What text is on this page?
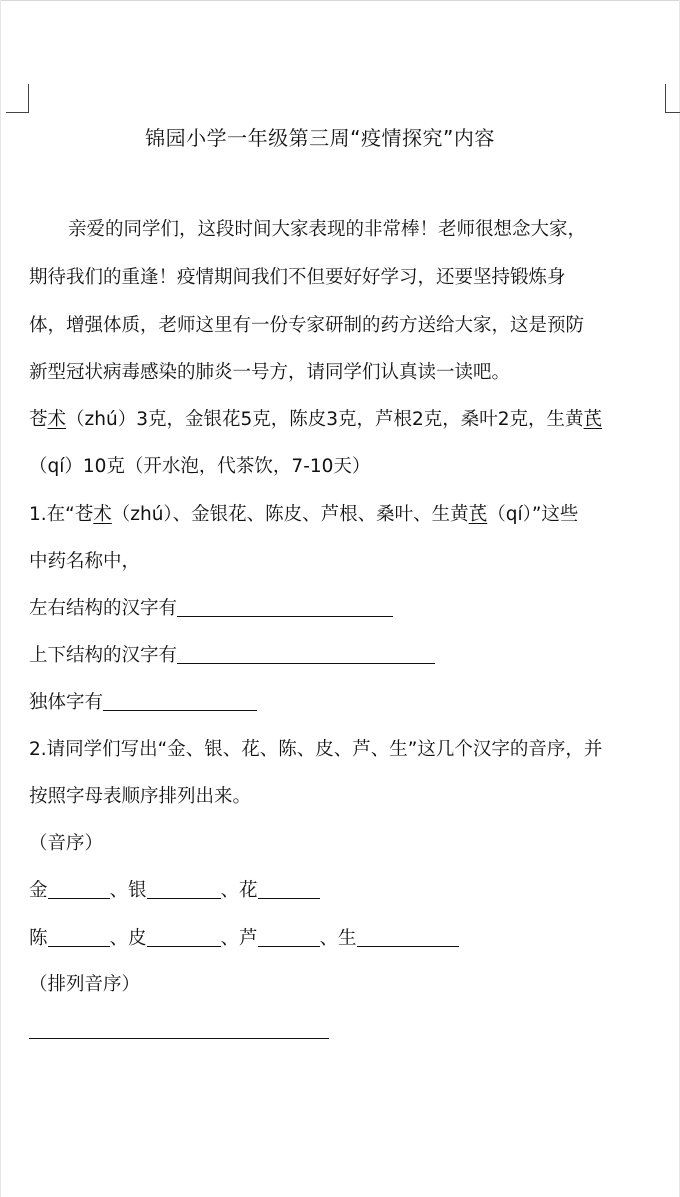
锦园小学一年级第三周“疫情探究”内容
亲爱的同学们，这段时间大家表现的非常棒！老师很想念大家，
期待我们的重逢！疫情期间我们不但要好好学习，还要坚持锻炼身
体，增强体质，老师这里有一份专家研制的药方送给大家，这是预防
新型冠状病毒感染的肺炎一号方，请同学们认真读一读吧。
苍术（zhú）3克，金银花5克，陈皮3克，芦根2克，桑叶2克，生黄芪
（qí）10克（开水泡，代茶饮，7-10天）
1.在“苍术（zhú）、金银花、陈皮、芦根、桑叶、生黄芪（qí）”这些
中药名称中，
左右结构的汉字有
上下结构的汉字有
独体字有
2.请同学们写出“金、银、花、陈、皮、芦、生”这几个汉字的音序，并
按照字母表顺序排列出来。
（音序）
金	、银	、花
陈	、皮	、芦	、生
（排列音序）
